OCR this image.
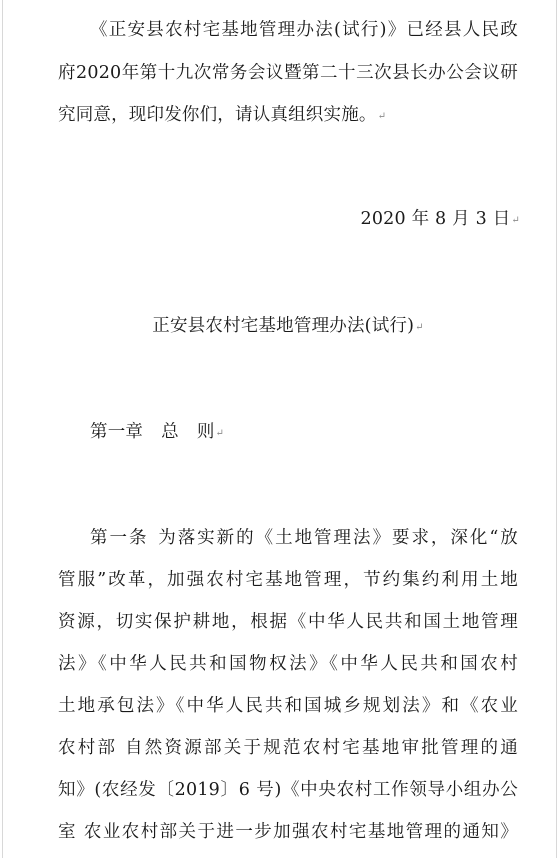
《正安县农村宅基地管理办法(试行)》已经县人民政
府2020年第十九次常务会议暨第二十三次县长办公会议研
究同意，现印发你们，请认真组织实施。↵
2020 年 8 月 3 日↵
正安县农村宅基地管理办法(试行)↵
第一章 总 则↵
第一条 为落实新的《土地管理法》要求，深化“放
管服”改革，加强农村宅基地管理，节约集约利用土地
资源，切实保护耕地，根据《中华人民共和国土地管理
法》《中华人民共和国物权法》《中华人民共和国农村
土地承包法》《中华人民共和国城乡规划法》和《农业
农村部 自然资源部关于规范农村宅基地审批管理的通
知》(农经发〔2019〕6 号)《中央农村工作领导小组办公
室 农业农村部关于进一步加强农村宅基地管理的通知》
